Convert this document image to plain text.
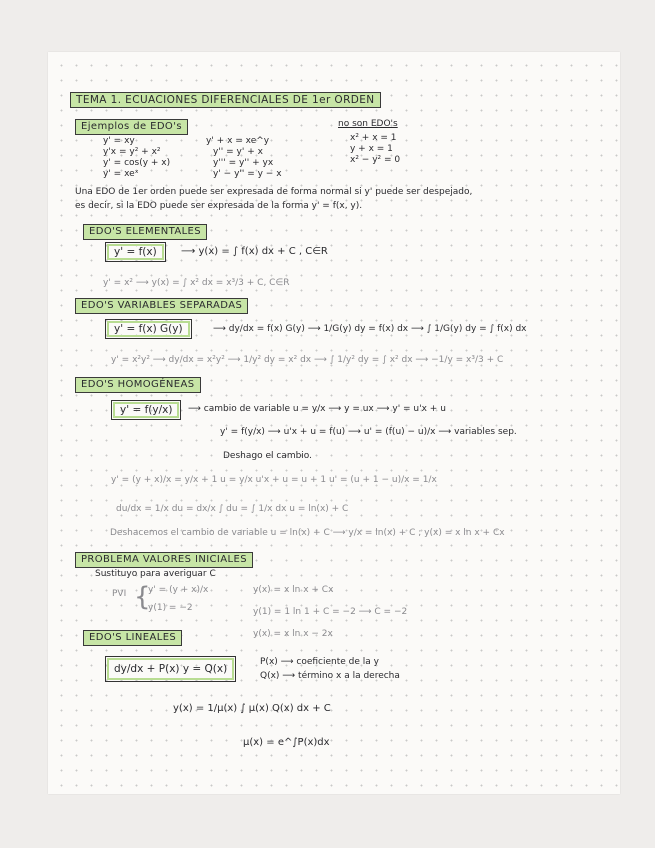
TEMA 1. ECUACIONES DIFERENCIALES DE 1er ORDEN
Ejemplos de EDO's
y' = xy
y'x = y² + x²
y' = cos(y + x)
y' = xeˣ
y' + x = xe^y
y'' = y' + x
y''' = y'' + yx
y' − y'' = y − x
no son EDO's
x² + x = 1
y + x = 1
x² − y² = 0
Una EDO de 1er orden puede ser expresada de forma normal si y' puede ser despejado,
es decir, si la EDO puede ser expresada de la forma y' = f(x, y).
EDO'S ELEMENTALES
y' = f(x)	⟶ y(x) = ∫ f(x) dx + C , C∈R
y' = x² ⟶ y(x) = ∫ x² dx = x³/3 + C, C∈R
EDO'S VARIABLES SEPARADAS
y' = f(x) G(y)	⟶ dy/dx = f(x) G(y) ⟶ 1/G(y) dy = f(x) dx ⟶ ∫ 1/G(y) dy = ∫ f(x) dx
y' = x²y² ⟶ dy/dx = x²y² ⟶ 1/y² dy = x² dx ⟶ ∫ 1/y² dy = ∫ x² dx ⟶ −1/y = x³/3 + C
EDO'S HOMOGÉNEAS
y' = f(y/x)	⟶ cambio de variable u = y/x ⟶ y = ux ⟶ y' = u'x + u
y' = f(y/x) ⟶ u'x + u = f(u) ⟶ u' = (f(u) − u)/x ⟶ variables sep.
Deshago el cambio.
y' = (y + x)/x = y/x + 1 u = y/x u'x + u = u + 1 u' = (u + 1 − u)/x = 1/x
du/dx = 1/x du = dx/x ∫ du = ∫ 1/x dx u = ln(x) + C
Deshacemos el cambio de variable u = ln(x) + C ⟶ y/x = ln(x) + C ; y(x) = x ln x + Cx
PROBLEMA VALORES INICIALES
Sustituyo para averiguar C
PVI {
y' = (y + x)/x
y(1) = −2
y(x) = x ln x + Cx
y(1) = 1 ln 1 + C = −2 ⟶ C = −2
y(x) = x ln x − 2x
EDO'S LINEALES
dy/dx + P(x) y = Q(x)
P(x) ⟶ coeficiente de la y
Q(x) ⟶ término x a la derecha
y(x) = 1/μ(x) ∫ μ(x) Q(x) dx + C
μ(x) = e^∫P(x)dx
